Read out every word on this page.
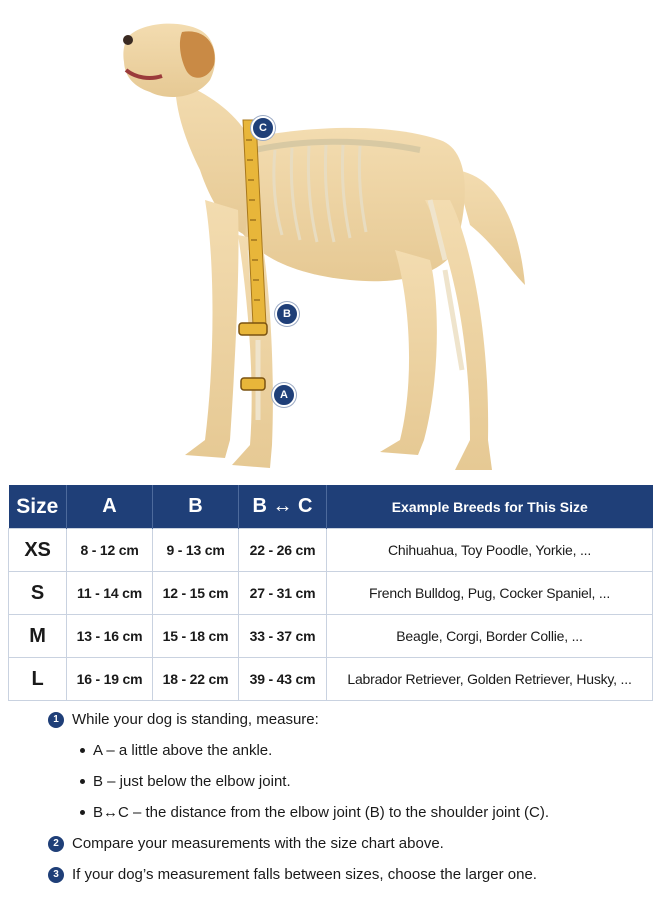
C
B
A
Size	A	B	B ↔ C	Example Breeds for This Size
XS	8 - 12 cm	9 - 13 cm	22 - 26 cm	Chihuahua, Toy Poodle, Yorkie, ...
S	11 - 14 cm	12 - 15 cm	27 - 31 cm	French Bulldog, Pug, Cocker Spaniel, ...
M	13 - 16 cm	15 - 18 cm	33 - 37 cm	Beagle, Corgi, Border Collie, ...
L	16 - 19 cm	18 - 22 cm	39 - 43 cm	Labrador Retriever, Golden Retriever, Husky, ...
1 While your dog is standing, measure:
A – a little above the ankle.
B – just below the elbow joint.
B↔C – the distance from the elbow joint (B) to the shoulder joint (C).
2 Compare your measurements with the size chart above.
3 If your dog’s measurement falls between sizes, choose the larger one.
